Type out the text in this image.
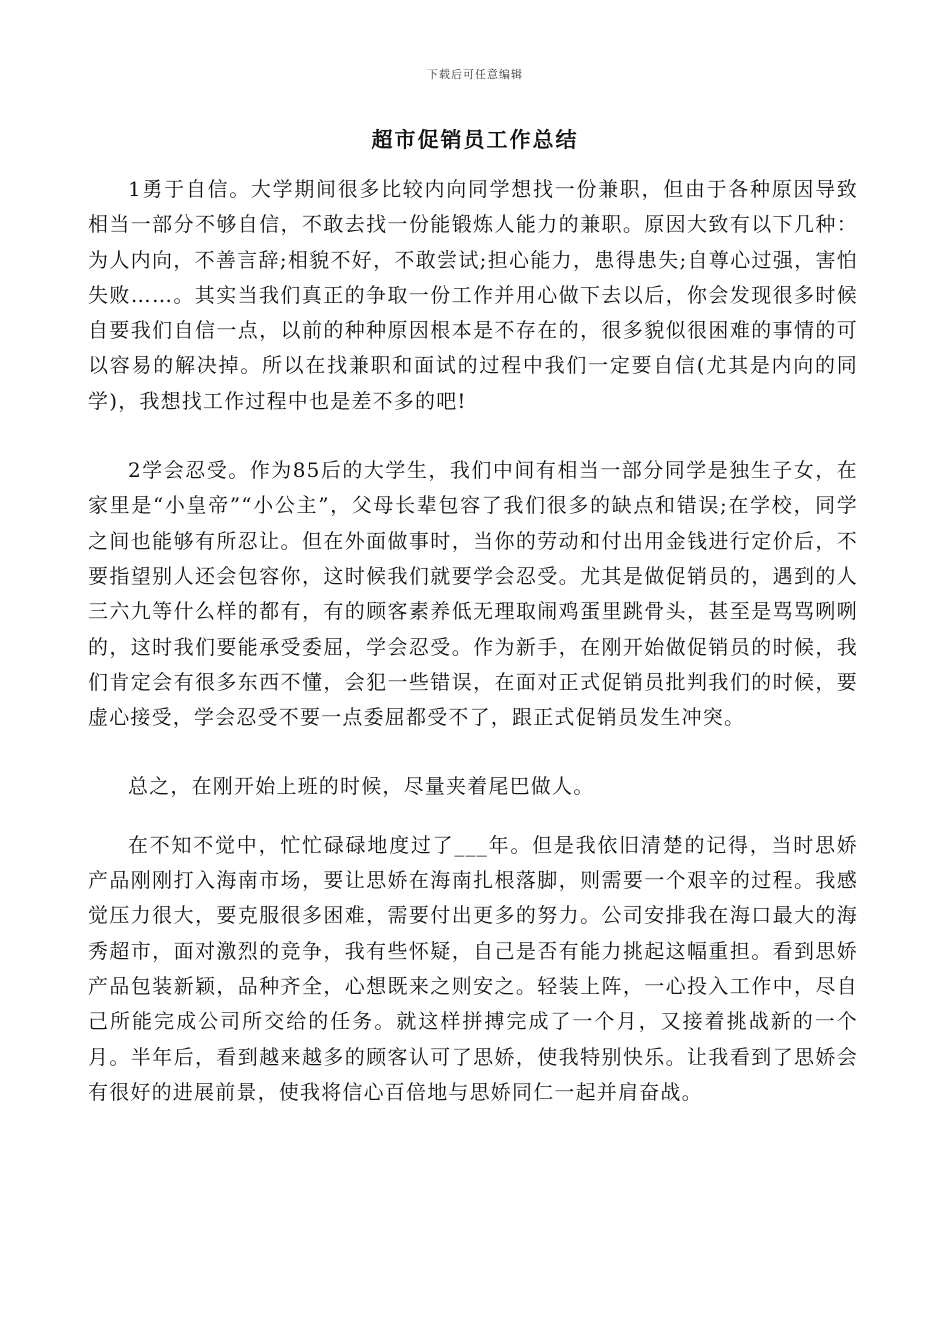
下载后可任意编辑
超市促销员工作总结

1勇于自信。大学期间很多比较内向同学想找一份兼职，但由于各种原因导致相当一部分不够自信，不敢去找一份能锻炼人能力的兼职。原因大致有以下几种：为人内向，不善言辞;相貌不好，不敢尝试;担心能力，患得患失;自尊心过强，害怕失败……。其实当我们真正的争取一份工作并用心做下去以后，你会发现很多时候自要我们自信一点，以前的种种原因根本是不存在的，很多貌似很困难的事情的可以容易的解决掉。所以在找兼职和面试的过程中我们一定要自信(尤其是内向的同学)，我想找工作过程中也是差不多的吧!

2学会忍受。作为85后的大学生，我们中间有相当一部分同学是独生子女，在家里是“小皇帝”“小公主”，父母长辈包容了我们很多的缺点和错误;在学校，同学之间也能够有所忍让。但在外面做事时，当你的劳动和付出用金钱进行定价后，不要指望别人还会包容你，这时候我们就要学会忍受。尤其是做促销员的，遇到的人三六九等什么样的都有，有的顾客素养低无理取闹鸡蛋里跳骨头，甚至是骂骂咧咧的，这时我们要能承受委屈，学会忍受。作为新手，在刚开始做促销员的时候，我们肯定会有很多东西不懂，会犯一些错误，在面对正式促销员批判我们的时候，要虚心接受，学会忍受不要一点委屈都受不了，跟正式促销员发生冲突。

总之，在刚开始上班的时候，尽量夹着尾巴做人。

在不知不觉中，忙忙碌碌地度过了___年。但是我依旧清楚的记得，当时思娇产品刚刚打入海南市场，要让思娇在海南扎根落脚，则需要一个艰辛的过程。我感觉压力很大，要克服很多困难，需要付出更多的努力。公司安排我在海口最大的海秀超市，面对激烈的竞争，我有些怀疑，自己是否有能力挑起这幅重担。看到思娇产品包装新颖，品种齐全，心想既来之则安之。轻装上阵，一心投入工作中，尽自己所能完成公司所交给的任务。就这样拼搏完成了一个月，又接着挑战新的一个月。半年后，看到越来越多的顾客认可了思娇，使我特别快乐。让我看到了思娇会有很好的进展前景，使我将信心百倍地与思娇同仁一起并肩奋战。
